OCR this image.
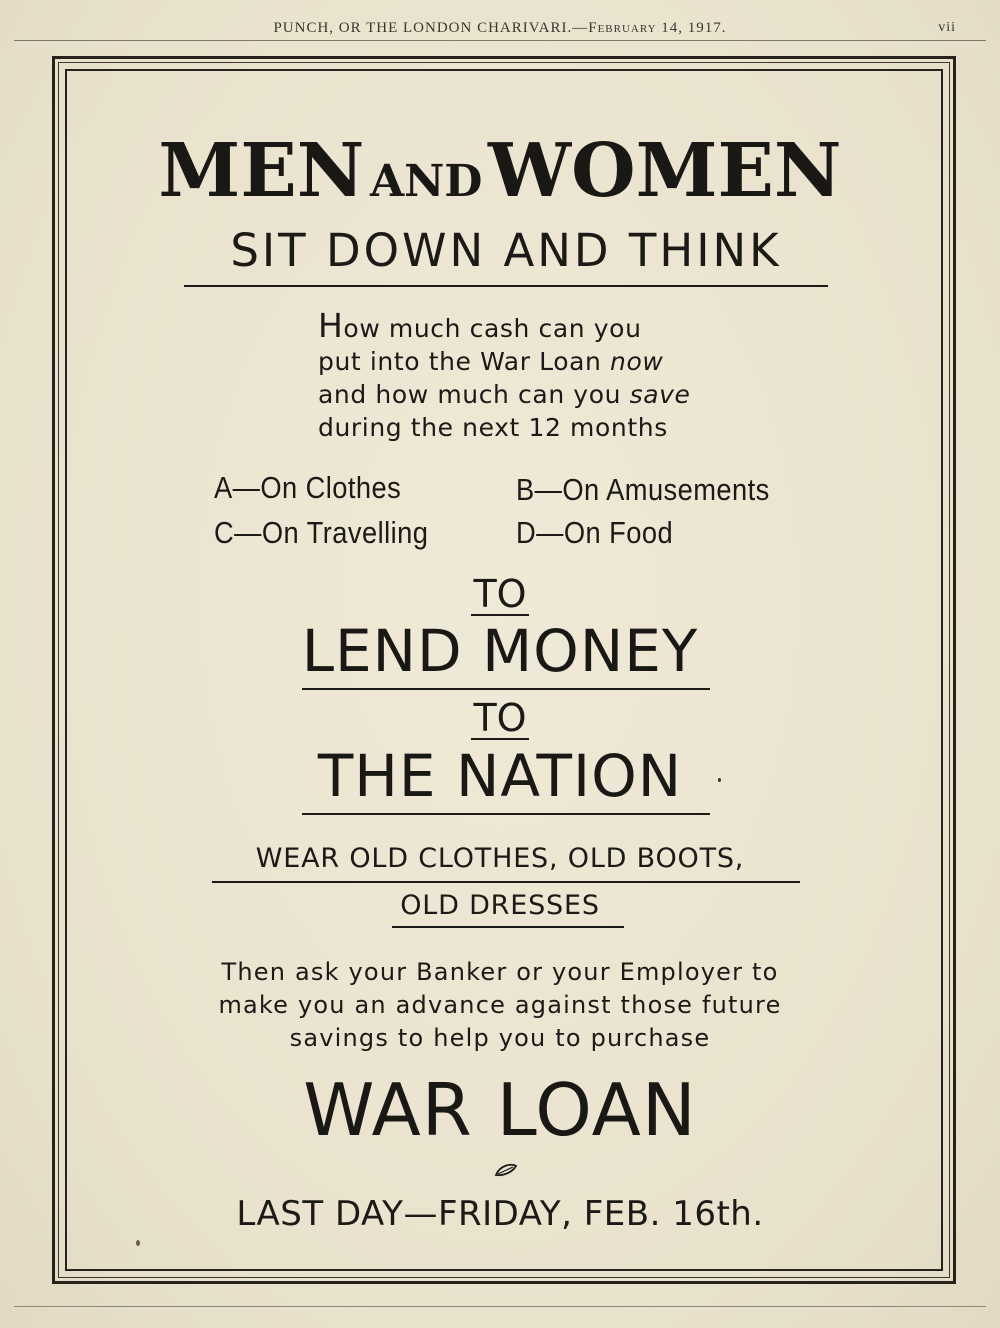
PUNCH, OR THE LONDON CHARIVARI.—February 14, 1917.	vii
MEN AND WOMEN
SIT DOWN AND THINK
How much cash can you
put into the War Loan now
and how much can you save
during the next 12 months
A—On Clothes	B—On Amusements
C—On Travelling	D—On Food
TO
LEND MONEY
TO
THE NATION
WEAR OLD CLOTHES, OLD BOOTS,
OLD DRESSES
Then ask your Banker or your Employer to
make you an advance against those future
savings to help you to purchase
WAR LOAN
LAST DAY—FRIDAY, FEB. 16th.
